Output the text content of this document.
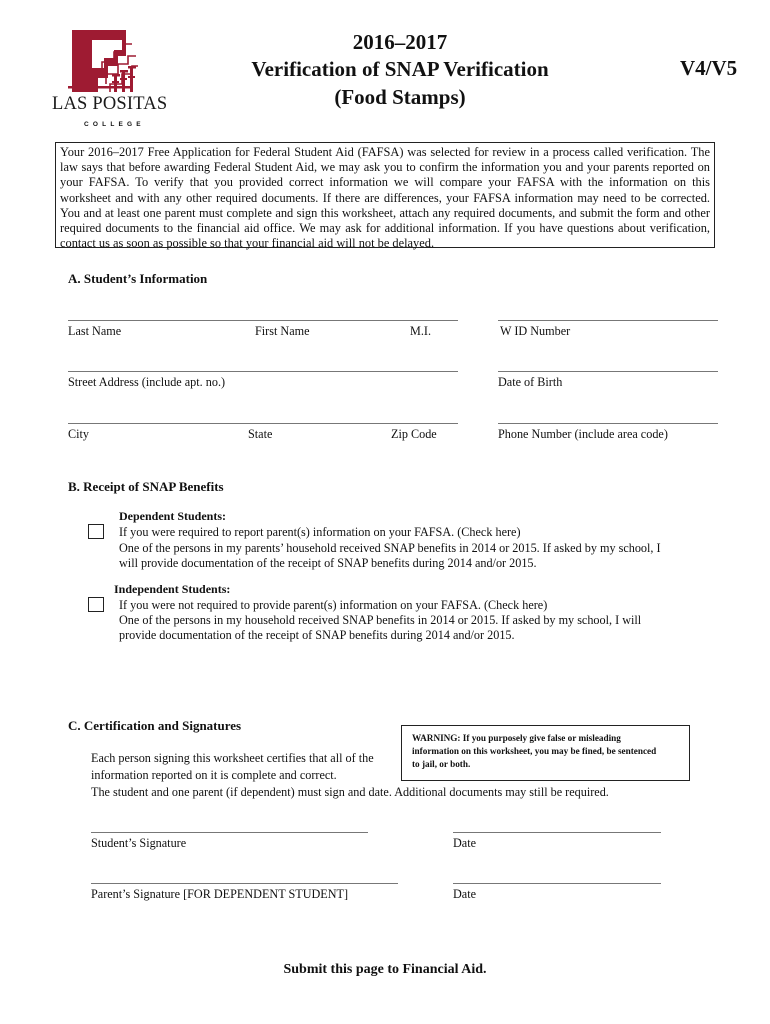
LAS POSITAS
COLLEGE
2016–2017
Verification of SNAP Verification
(Food Stamps)
V4/V5
Your 2016–2017 Free Application for Federal Student Aid (FAFSA) was selected for review in a process called verification. The law says that before awarding Federal Student Aid, we may ask you to confirm the information you and your parents reported on your FAFSA. To verify that you provided correct information we will compare your FAFSA with the information on this worksheet and with any other required documents. If there are differences, your FAFSA information may need to be corrected. You and at least one parent must complete and sign this worksheet, attach any required documents, and submit the form and other required documents to the financial aid office. We may ask for additional information. If you have questions about verification, contact us as soon as possible so that your financial aid will not be delayed.
A. Student’s Information
Last Name	First Name	M.I.	W ID Number
Street Address (include apt. no.)	Date of Birth
City	State	Zip Code	Phone Number (include area code)
B. Receipt of SNAP Benefits
Dependent Students:
If you were required to report parent(s) information on your FAFSA. (Check here)
One of the persons in my parents’ household received SNAP benefits in 2014 or 2015. If asked by my school, I
will provide documentation of the receipt of SNAP benefits during 2014 and/or 2015.
Independent Students:
If you were not required to provide parent(s) information on your FAFSA. (Check here)
One of the persons in my household received SNAP benefits in 2014 or 2015. If asked by my school, I will
provide documentation of the receipt of SNAP benefits during 2014 and/or 2015.
C. Certification and Signatures
WARNING: If you purposely give false or misleading
information on this worksheet, you may be fined, be sentenced
to jail, or both.
Each person signing this worksheet certifies that all of the
information reported on it is complete and correct.
The student and one parent (if dependent) must sign and date. Additional documents may still be required.
Student’s Signature	Date
Parent’s Signature [FOR DEPENDENT STUDENT]	Date
Submit this page to Financial Aid.
